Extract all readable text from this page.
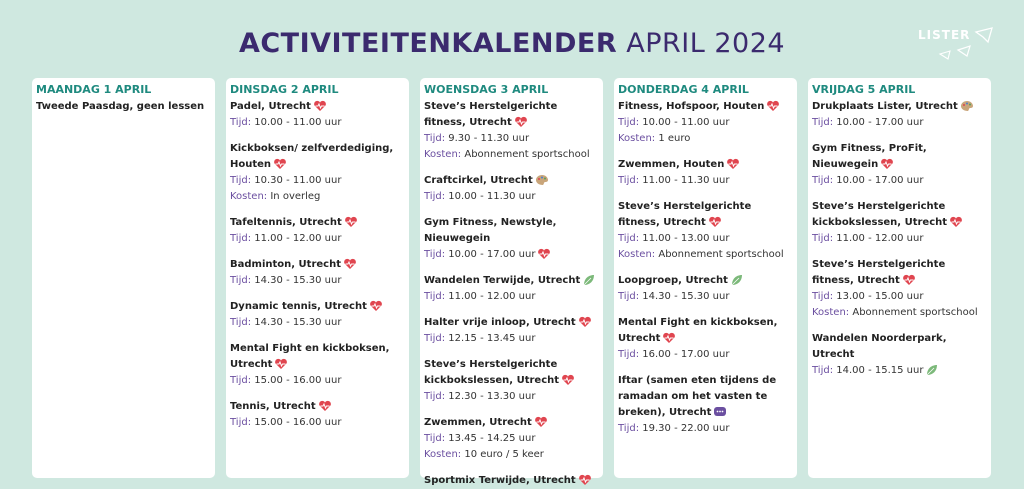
ACTIVITEITENKALENDER APRIL 2024	LISTER
MAANDAG 1 APRIL
Tweede Paasdag, geen lessen
DINSDAG 2 APRIL
Padel, Utrecht
Tijd: 10.00 - 11.00 uur
Kickboksen/ zelfverdediging, Houten
Tijd: 10.30 - 11.00 uur
Kosten: In overleg
Tafeltennis, Utrecht
Tijd: 11.00 - 12.00 uur
Badminton, Utrecht
Tijd: 14.30 - 15.30 uur
Dynamic tennis, Utrecht
Tijd: 14.30 - 15.30 uur
Mental Fight en kickboksen, Utrecht
Tijd: 15.00 - 16.00 uur
Tennis, Utrecht
Tijd: 15.00 - 16.00 uur
WOENSDAG 3 APRIL
Steve’s Herstelgerichte fitness, Utrecht
Tijd: 9.30 - 11.30 uur
Kosten: Abonnement sportschool
Craftcirkel, Utrecht
Tijd: 10.00 - 11.30 uur
Gym Fitness, Newstyle, Nieuwegein
Tijd: 10.00 - 17.00 uur
Wandelen Terwijde, Utrecht
Tijd: 11.00 - 12.00 uur
Halter vrije inloop, Utrecht
Tijd: 12.15 - 13.45 uur
Steve’s Herstelgerichte kickbokslessen, Utrecht
Tijd: 12.30 - 13.30 uur
Zwemmen, Utrecht
Tijd: 13.45 - 14.25 uur
Kosten: 10 euro / 5 keer
Sportmix Terwijde, Utrecht
DONDERDAG 4 APRIL
Fitness, Hofspoor, Houten
Tijd: 10.00 - 11.00 uur
Kosten: 1 euro
Zwemmen, Houten
Tijd: 11.00 - 11.30 uur
Steve’s Herstelgerichte fitness, Utrecht
Tijd: 11.00 - 13.00 uur
Kosten: Abonnement sportschool
Loopgroep, Utrecht
Tijd: 14.30 - 15.30 uur
Mental Fight en kickboksen, Utrecht
Tijd: 16.00 - 17.00 uur
Iftar (samen eten tijdens de ramadan om het vasten te breken), Utrecht
Tijd: 19.30 - 22.00 uur
VRIJDAG 5 APRIL
Drukplaats Lister, Utrecht
Tijd: 10.00 - 17.00 uur
Gym Fitness, ProFit, Nieuwegein
Tijd: 10.00 - 17.00 uur
Steve’s Herstelgerichte kickbokslessen, Utrecht
Tijd: 11.00 - 12.00 uur
Steve’s Herstelgerichte fitness, Utrecht
Tijd: 13.00 - 15.00 uur
Kosten: Abonnement sportschool
Wandelen Noorderpark, Utrecht
Tijd: 14.00 - 15.15 uur
